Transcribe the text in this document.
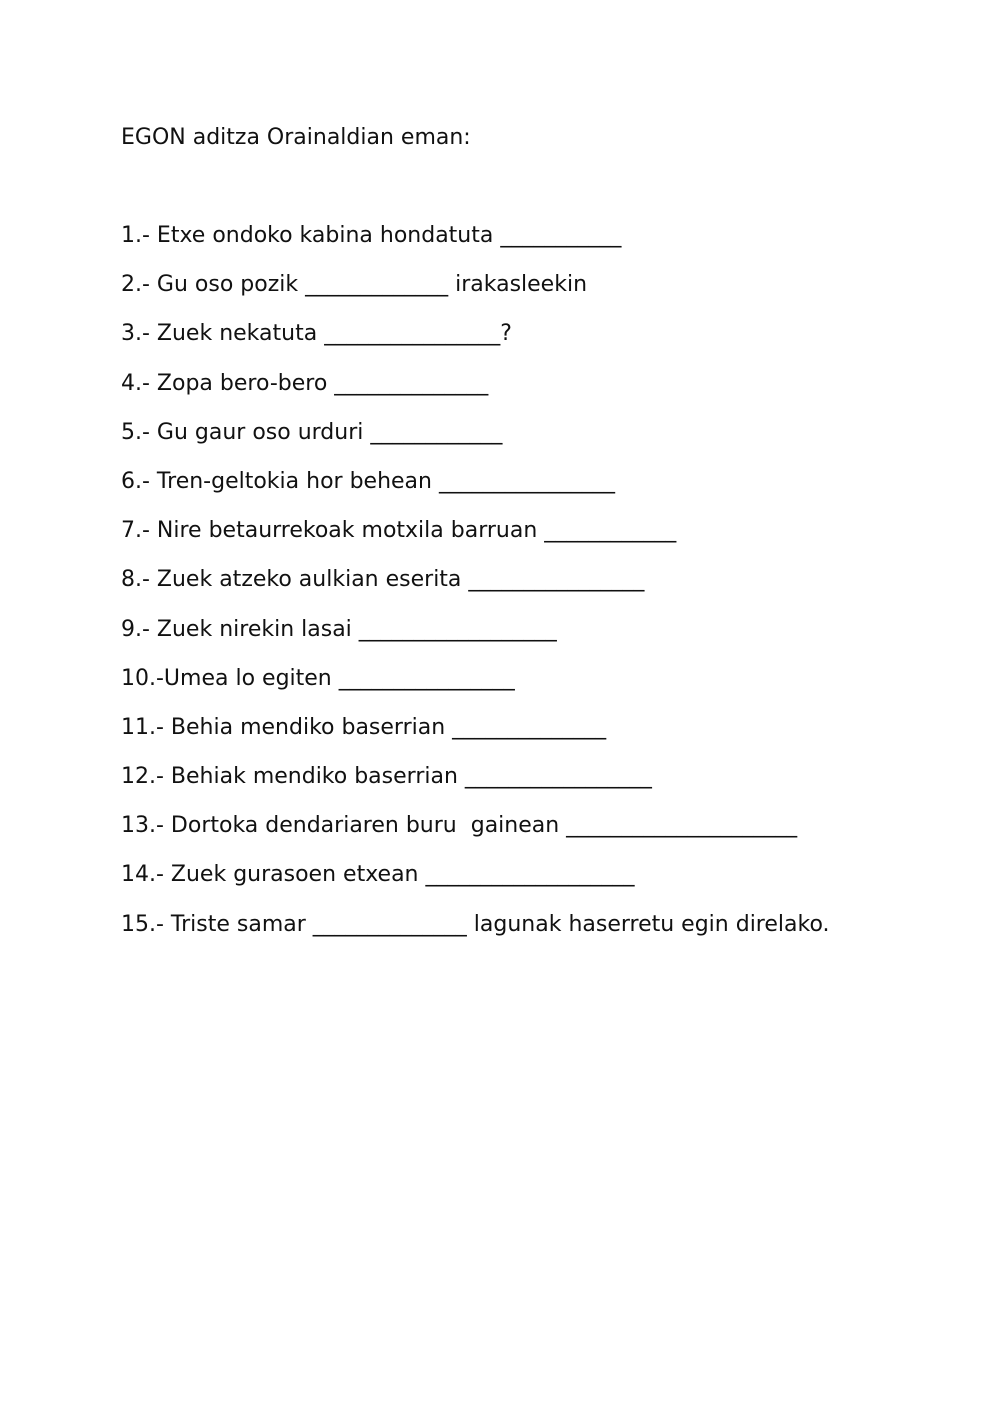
EGON aditza Orainaldian eman:
1.- Etxe ondoko kabina hondatuta ___________
2.- Gu oso pozik _____________ irakasleekin
3.- Zuek nekatuta ________________?
4.- Zopa bero-bero ______________
5.- Gu gaur oso urduri ____________
6.- Tren-geltokia hor behean ________________
7.- Nire betaurrekoak motxila barruan ____________
8.- Zuek atzeko aulkian eserita ________________
9.- Zuek nirekin lasai __________________
10.-Umea lo egiten ________________
11.- Behia mendiko baserrian ______________
12.- Behiak mendiko baserrian _________________
13.- Dortoka dendariaren buru  gainean _____________________
14.- Zuek gurasoen etxean ___________________
15.- Triste samar ______________ lagunak haserretu egin direlako.
